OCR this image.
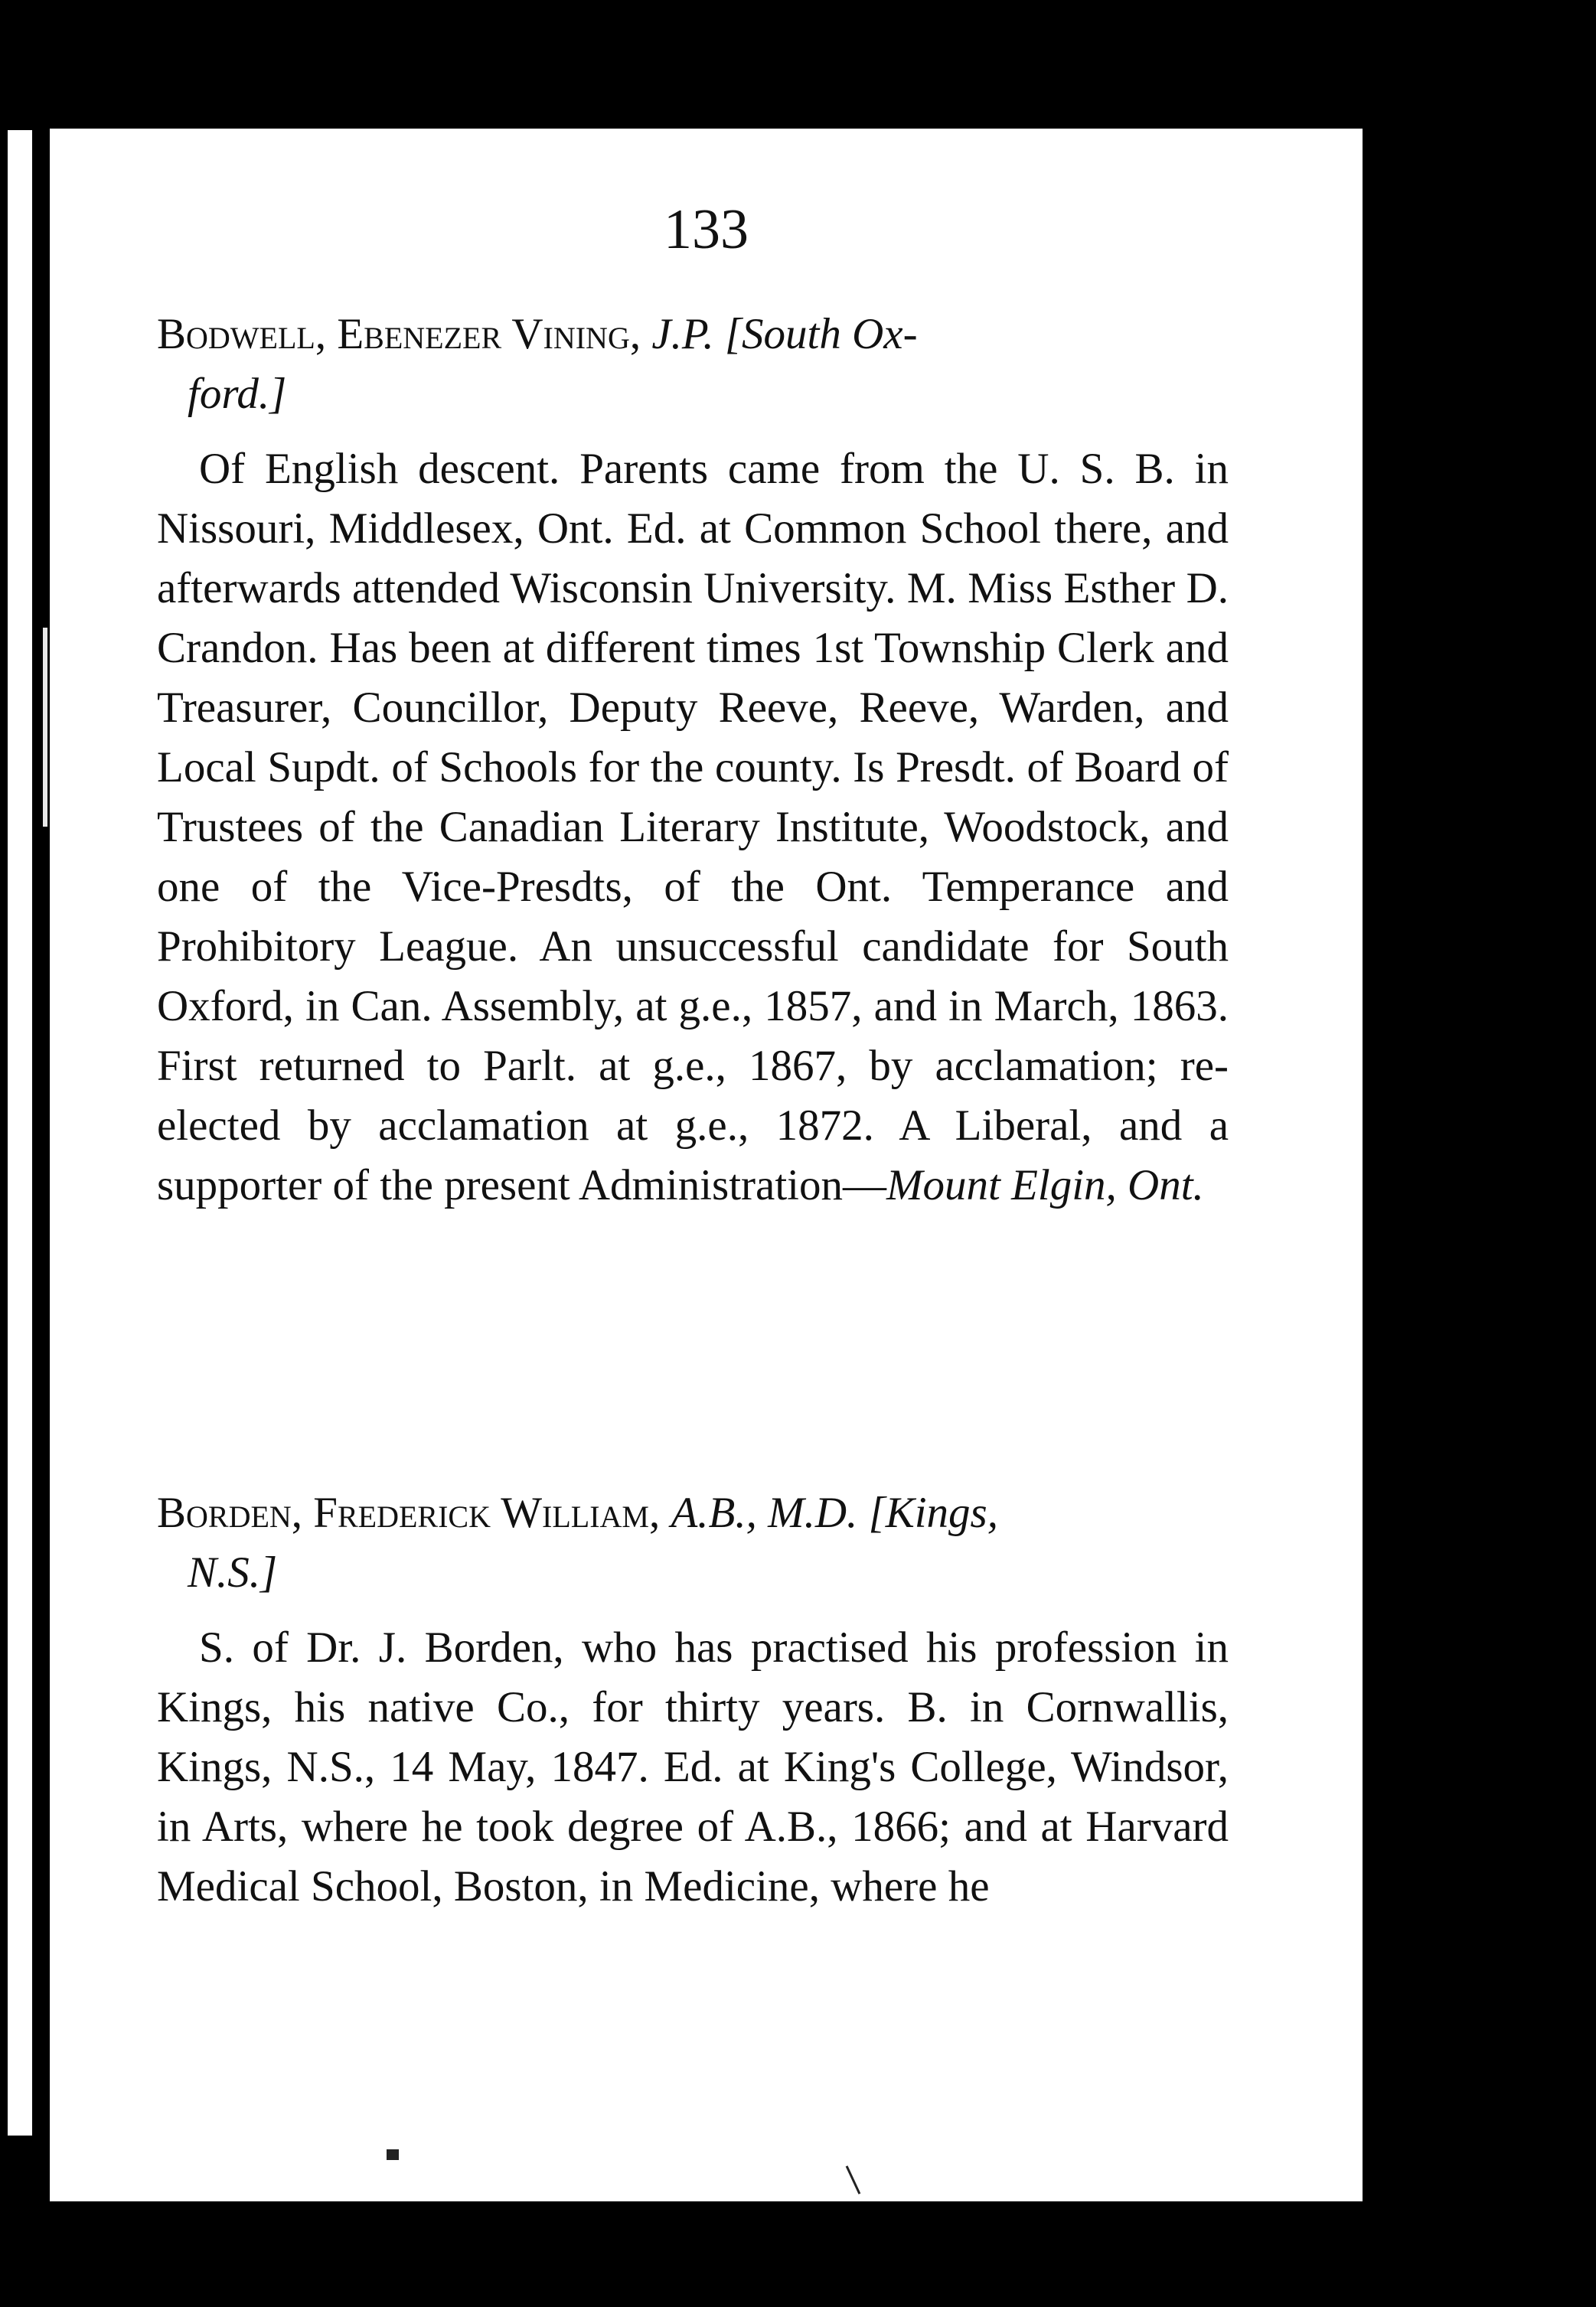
133
Bodwell, Ebenezer Vining, J.P. [South Ox-
ford.]
Of English descent. Parents came from the U. S. B. in Nissouri, Middlesex, Ont. Ed. at Common School there, and afterwards attended Wisconsin University. M. Miss Esther D. Crandon. Has been at different times 1st Township Clerk and Treasurer, Councillor, Deputy Reeve, Reeve, Warden, and Local Supdt. of Schools for the county. Is Presdt. of Board of Trustees of the Canadian Literary Institute, Woodstock, and one of the Vice-Presdts, of the Ont. Temperance and Prohibitory League. An unsuccessful candidate for South Oxford, in Can. Assembly, at g.e., 1857, and in March, 1863. First returned to Parlt. at g.e., 1867, by acclamation; re-elected by acclamation at g.e., 1872. A Liberal, and a supporter of the present Administration—Mount Elgin, Ont.
Borden, Frederick William, A.B., M.D. [Kings,
N.S.]
S. of Dr. J. Borden, who has practised his profession in Kings, his native Co., for thirty years. B. in Cornwallis, Kings, N.S., 14 May, 1847. Ed. at King's College, Windsor, in Arts, where he took degree of A.B., 1866; and at Harvard Medical School, Boston, in Medicine, where he
